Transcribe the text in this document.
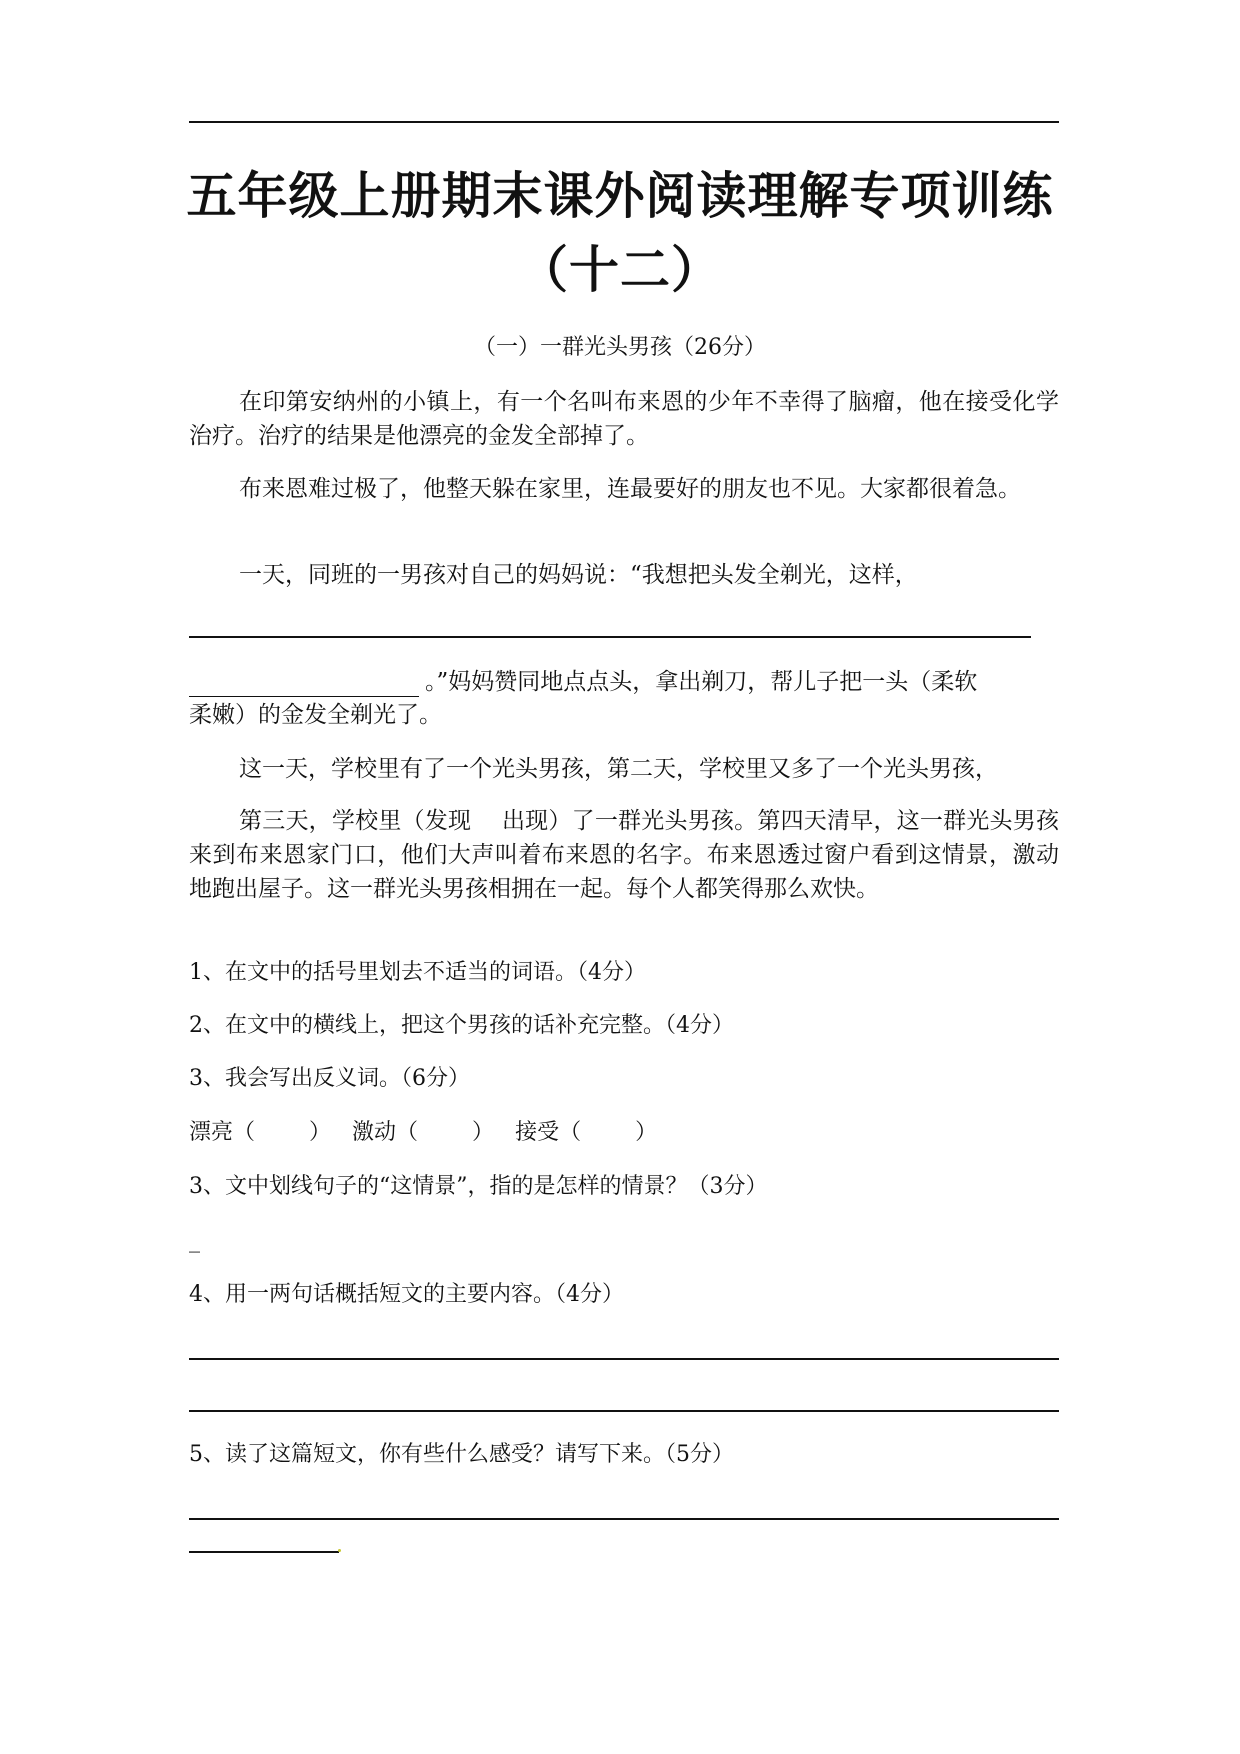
五年级上册期末课外阅读理解专项训练
（十二）
（一）一群光头男孩（26分）
在印第安纳州的小镇上，有一个名叫布来恩的少年不幸得了脑瘤，他在接受化学治疗。治疗的结果是他漂亮的金发全部掉了。
布来恩难过极了，他整天躲在家里，连最要好的朋友也不见。大家都很着急。
一天，同班的一男孩对自己的妈妈说：“我想把头发全剃光，这样，
。”妈妈赞同地点点头，拿出剃刀，帮儿子把一头（柔软
柔嫩）的金发全剃光了。
这一天，学校里有了一个光头男孩，第二天，学校里又多了一个光头男孩，
第三天，学校里（发现　 出现）了一群光头男孩。第四天清早，这一群光头男孩来到布来恩家门口，他们大声叫着布来恩的名字。布来恩透过窗户看到这情景，激动地跑出屋子。这一群光头男孩相拥在一起。每个人都笑得那么欢快。
1、在文中的括号里划去不适当的词语。（4分）
2、在文中的横线上，把这个男孩的话补充完整。（4分）
3、我会写出反义词。（6分）
漂亮（ ） 激动（ ） 接受（ ）
3、文中划线句子的“这情景”，指的是怎样的情景？（3分）
_
4、用一两句话概括短文的主要内容。（4分）
5、读了这篇短文，你有些什么感受？请写下来。（5分）
